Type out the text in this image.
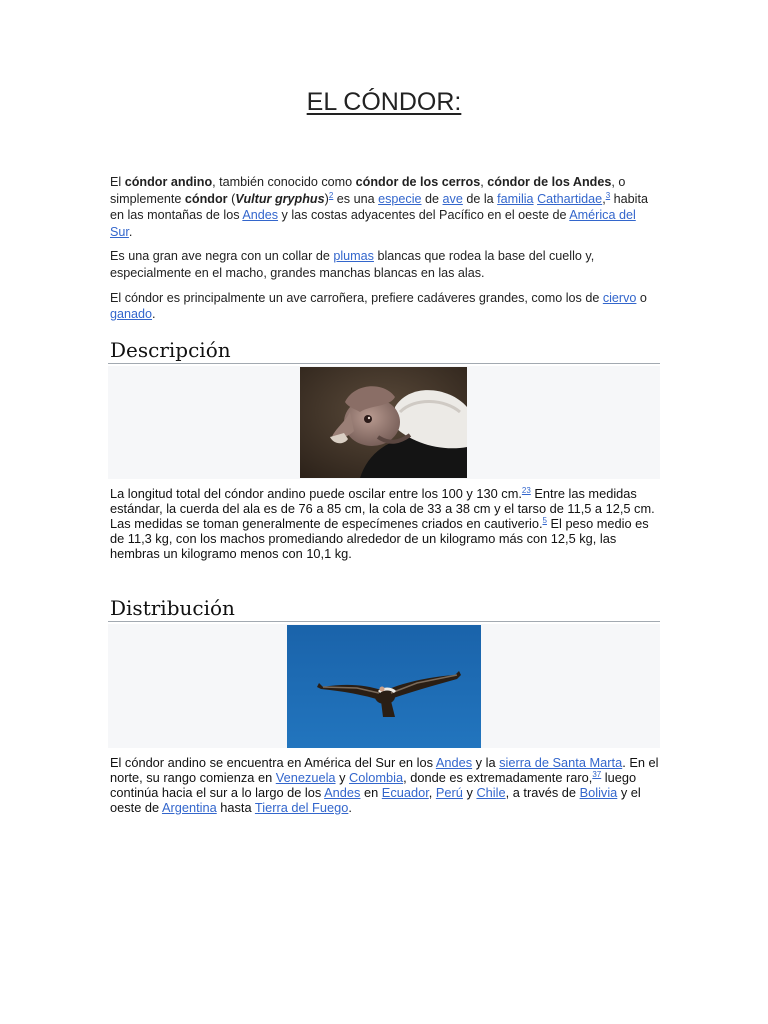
EL CÓNDOR:

El cóndor andino, también conocido como cóndor de los cerros, cóndor de los Andes, o simplemente cóndor (Vultur gryphus)$^2$ es una especie de ave de la familia Cathartidae,$^3$ habita en las montañas de los Andes y las costas adyacentes del Pacífico en el oeste de América del Sur.

Es una gran ave negra con un collar de plumas blancas que rodea la base del cuello y, especialmente en el macho, grandes manchas blancas en las alas.

El cóndor es principalmente un ave carroñera, prefiere cadáveres grandes, como los de ciervo o ganado.

Descripción

La longitud total del cóndor andino puede oscilar entre los 100 y 130 cm.$^{23}$ Entre las medidas estándar, la cuerda del ala es de 76 a 85 cm, la cola de 33 a 38 cm y el tarso de 11,5 a 12,5 cm. Las medidas se toman generalmente de especímenes criados en cautiverio.$^5$ El peso medio es de 11,3 kg, con los machos promediando alrededor de un kilogramo más con 12,5 kg, las hembras un kilogramo menos con 10,1 kg.

Distribución

El cóndor andino se encuentra en América del Sur en los Andes y la sierra de Santa Marta. En el norte, su rango comienza en Venezuela y Colombia, donde es extremadamente raro,$^{37}$ luego continúa hacia el sur a lo largo de los Andes en Ecuador, Perú y Chile, a través de Bolivia y el oeste de Argentina hasta Tierra del Fuego.
